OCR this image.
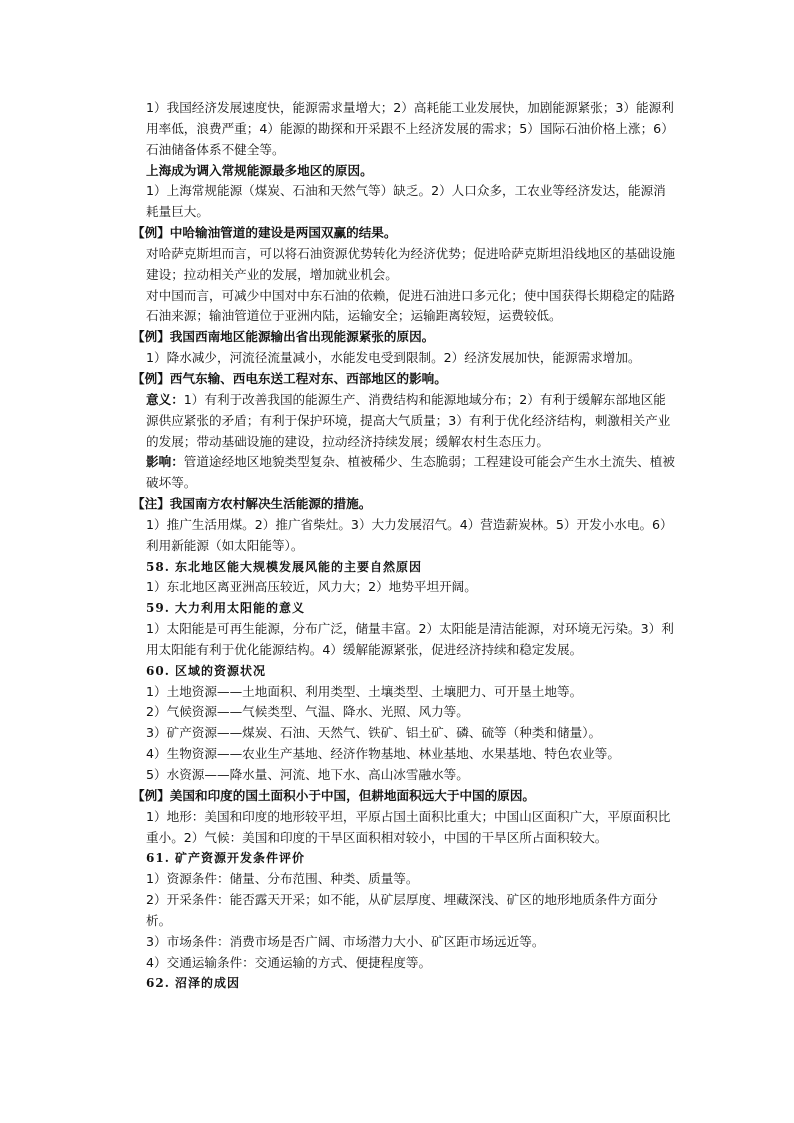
1）我国经济发展速度快，能源需求量增大；2）高耗能工业发展快，加剧能源紧张；3）能源利用率低，浪费严重；4）能源的勘探和开采跟不上经济发展的需求；5）国际石油价格上涨；6）石油储备体系不健全等。

上海成为调入常规能源最多地区的原因。

1）上海常规能源（煤炭、石油和天然气等）缺乏。2）人口众多，工农业等经济发达，能源消耗量巨大。

【例】中哈输油管道的建设是两国双赢的结果。

对哈萨克斯坦而言，可以将石油资源优势转化为经济优势；促进哈萨克斯坦沿线地区的基础设施建设；拉动相关产业的发展，增加就业机会。

对中国而言，可减少中国对中东石油的依赖，促进石油进口多元化；使中国获得长期稳定的陆路石油来源；输油管道位于亚洲内陆，运输安全；运输距离较短，运费较低。

【例】我国西南地区能源输出省出现能源紧张的原因。

1）降水减少，河流径流量减小，水能发电受到限制。2）经济发展加快，能源需求增加。

【例】西气东输、西电东送工程对东、西部地区的影响。

意义：1）有利于改善我国的能源生产、消费结构和能源地域分布；2）有利于缓解东部地区能源供应紧张的矛盾；有利于保护环境，提高大气质量；3）有利于优化经济结构，刺激相关产业的发展；带动基础设施的建设，拉动经济持续发展；缓解农村生态压力。

影响：管道途经地区地貌类型复杂、植被稀少、生态脆弱；工程建设可能会产生水土流失、植被破坏等。

【注】我国南方农村解决生活能源的措施。

1）推广生活用煤。2）推广省柴灶。3）大力发展沼气。4）营造薪炭林。5）开发小水电。6）利用新能源（如太阳能等）。

58. 东北地区能大规模发展风能的主要自然原因

1）东北地区离亚洲高压较近，风力大；2）地势平坦开阔。

59. 大力利用太阳能的意义

1）太阳能是可再生能源，分布广泛，储量丰富。2）太阳能是清洁能源，对环境无污染。3）利用太阳能有利于优化能源结构。4）缓解能源紧张，促进经济持续和稳定发展。

60. 区域的资源状况

1）土地资源——土地面积、利用类型、土壤类型、土壤肥力、可开垦土地等。

2）气候资源——气候类型、气温、降水、光照、风力等。

3）矿产资源——煤炭、石油、天然气、铁矿、铝土矿、磷、硫等（种类和储量）。

4）生物资源——农业生产基地、经济作物基地、林业基地、水果基地、特色农业等。

5）水资源——降水量、河流、地下水、高山冰雪融水等。

【例】美国和印度的国土面积小于中国，但耕地面积远大于中国的原因。

1）地形：美国和印度的地形较平坦，平原占国土面积比重大；中国山区面积广大，平原面积比重小。2）气候：美国和印度的干旱区面积相对较小，中国的干旱区所占面积较大。

61. 矿产资源开发条件评价

1）资源条件：储量、分布范围、种类、质量等。

2）开采条件：能否露天开采；如不能，从矿层厚度、埋藏深浅、矿区的地形地质条件方面分析。

3）市场条件：消费市场是否广阔、市场潜力大小、矿区距市场远近等。

4）交通运输条件：交通运输的方式、便捷程度等。

62. 沼泽的成因
